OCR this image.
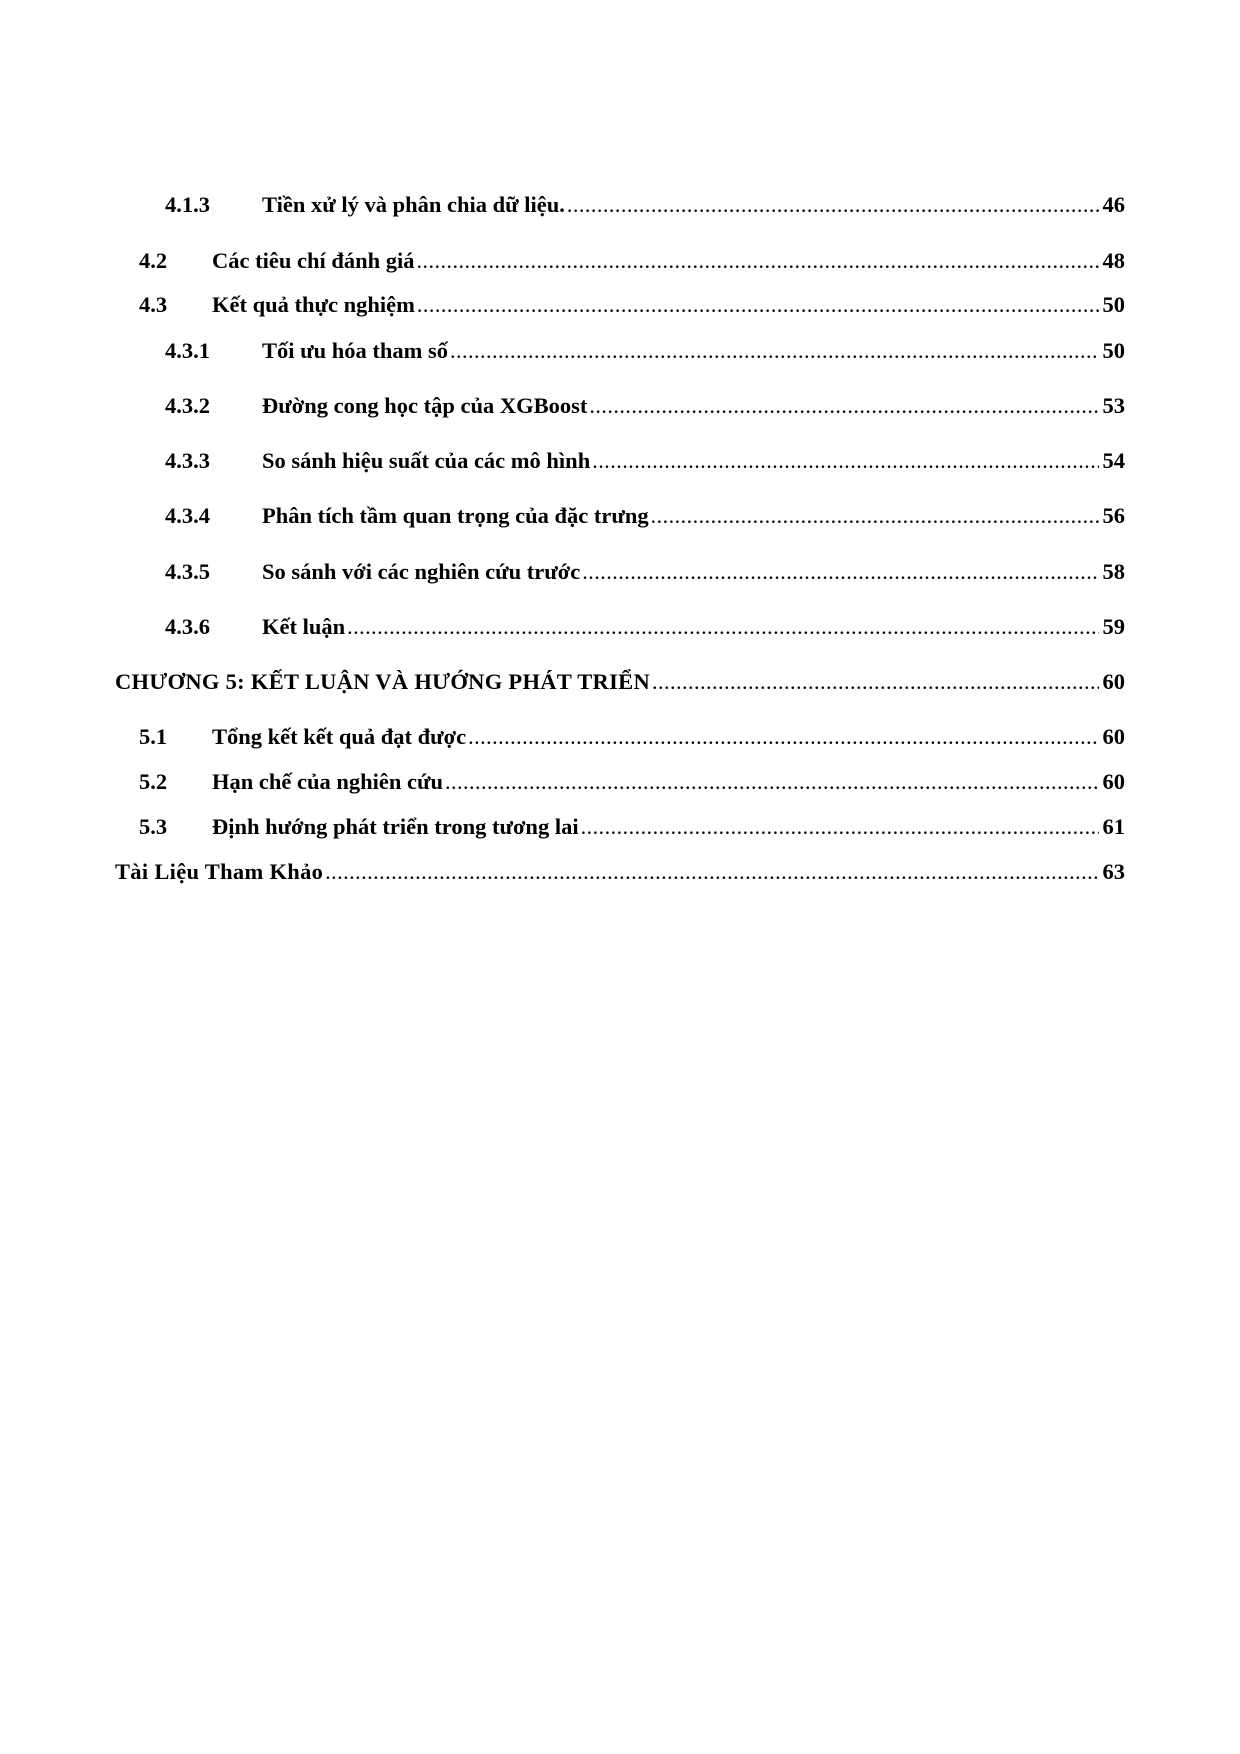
4.1.3	Tiền xử lý và phân chia dữ liệu. .....	46
4.2	Các tiêu chí đánh giá .....	48
4.3	Kết quả thực nghiệm .....	50
4.3.1	Tối ưu hóa tham số .....	50
4.3.2	Đường cong học tập của XGBoost .....	53
4.3.3	So sánh hiệu suất của các mô hình .....	54
4.3.4	Phân tích tầm quan trọng của đặc trưng .....	56
4.3.5	So sánh với các nghiên cứu trước .....	58
4.3.6	Kết luận .....	59
CHƯƠNG 5: KẾT LUẬN VÀ HƯỚNG PHÁT TRIỂN .....	60
5.1	Tổng kết kết quả đạt được .....	60
5.2	Hạn chế của nghiên cứu .....	60
5.3	Định hướng phát triển trong tương lai .....	61
Tài Liệu Tham Khảo .....	63
